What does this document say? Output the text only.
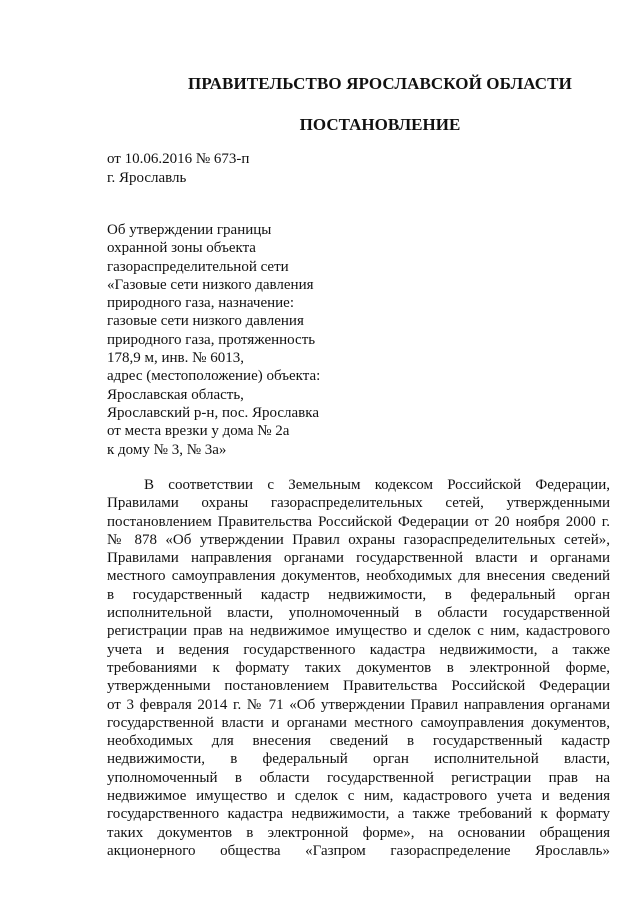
ПРАВИТЕЛЬСТВО ЯРОСЛАВСКОЙ ОБЛАСТИ
ПОСТАНОВЛЕНИЕ
от 10.06.2016 № 673-п
г. Ярославль
Об утверждении границы
охранной зоны объекта
газораспределительной сети
«Газовые сети низкого давления
природного газа, назначение:
газовые сети низкого давления
природного газа, протяженность
178,9 м, инв. № 6013,
адрес (местоположение) объекта:
Ярославская область,
Ярославский р-н, пос. Ярославка
от места врезки у дома № 2а
к дому № 3, № 3а»
В соответствии с Земельным кодексом Российской Федерации,
Правилами охраны газораспределительных сетей, утвержденными
постановлением Правительства Российской Федерации от 20 ноября 2000 г.
№ 878 «Об утверждении Правил охраны газораспределительных сетей»,
Правилами направления органами государственной власти и органами
местного самоуправления документов, необходимых для внесения сведений
в государственный кадастр недвижимости, в федеральный орган
исполнительной власти, уполномоченный в области государственной
регистрации прав на недвижимое имущество и сделок с ним, кадастрового
учета и ведения государственного кадастра недвижимости, а также
требованиями к формату таких документов в электронной форме,
утвержденными постановлением Правительства Российской Федерации
от 3 февраля 2014 г. № 71 «Об утверждении Правил направления органами
государственной власти и органами местного самоуправления документов,
необходимых для внесения сведений в государственный кадастр
недвижимости, в федеральный орган исполнительной власти,
уполномоченный в области государственной регистрации прав на
недвижимое имущество и сделок с ним, кадастрового учета и ведения
государственного кадастра недвижимости, а также требований к формату
таких документов в электронной форме», на основании обращения
акционерного общества «Газпром газораспределение Ярославль»
